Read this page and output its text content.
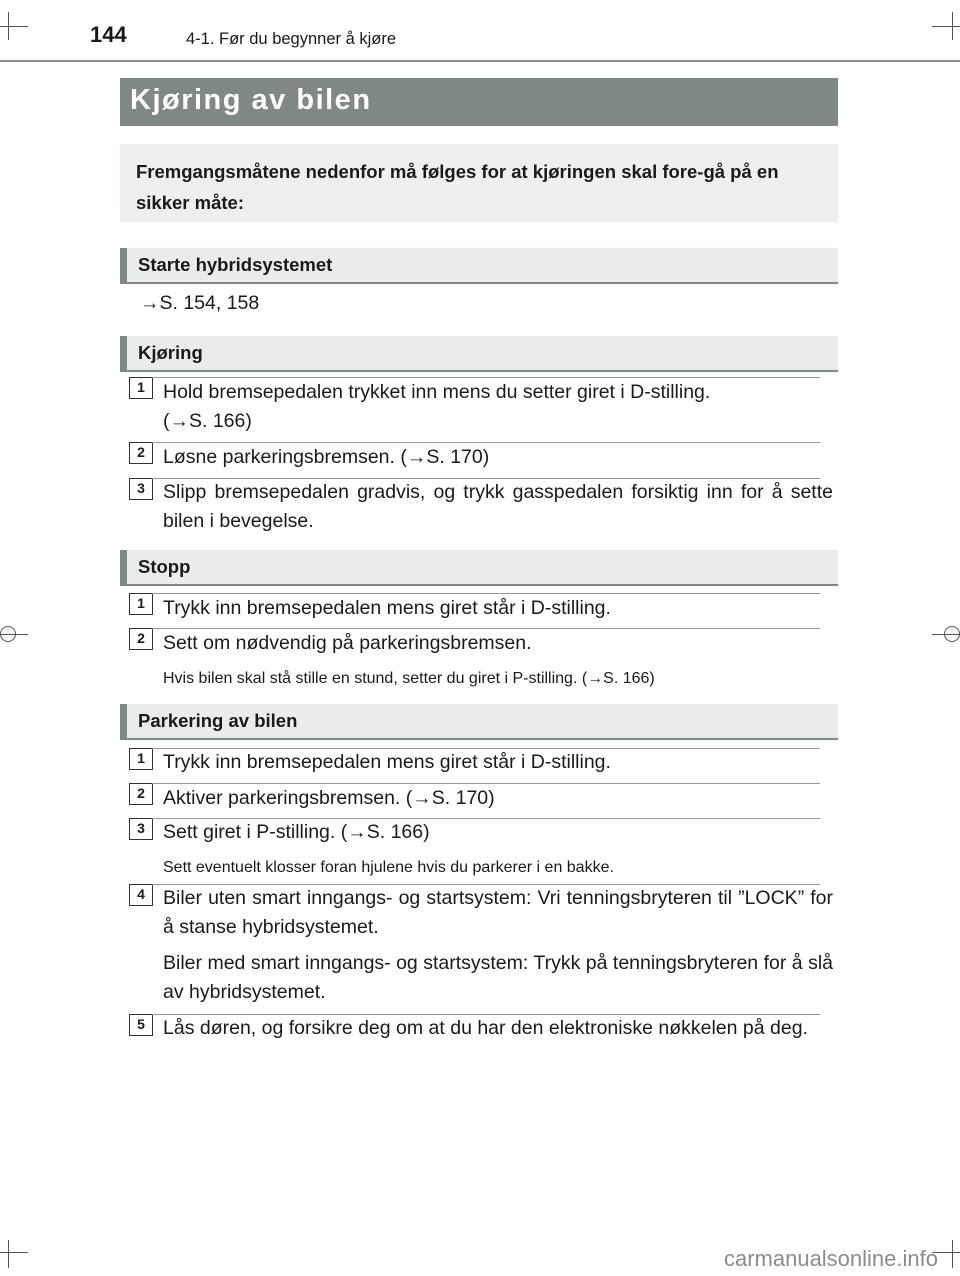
144	4-1. Før du begynner å kjøre
Kjøring av bilen

Fremgangsmåtene nedenfor må følges for at kjøringen skal fore-gå på en sikker måte:

Starte hybridsystemet
→S. 154, 158
Kjøring
1 Hold bremsepedalen trykket inn mens du setter giret i D-stilling.
(→S. 166)
2 Løsne parkeringsbremsen. (→S. 170)
3 Slipp bremsepedalen gradvis, og trykk gasspedalen forsiktig inn for å sette bilen i bevegelse.
Stopp
1 Trykk inn bremsepedalen mens giret står i D-stilling.
2 Sett om nødvendig på parkeringsbremsen.
Hvis bilen skal stå stille en stund, setter du giret i P-stilling. (→S. 166)
Parkering av bilen
1 Trykk inn bremsepedalen mens giret står i D-stilling.
2 Aktiver parkeringsbremsen. (→S. 170)
3 Sett giret i P-stilling. (→S. 166)
Sett eventuelt klosser foran hjulene hvis du parkerer i en bakke.
4 Biler uten smart inngangs- og startsystem: Vri tenningsbryteren til ”LOCK” for å stanse hybridsystemet.
Biler med smart inngangs- og startsystem: Trykk på tenningsbryteren for å slå av hybridsystemet.
5 Lås døren, og forsikre deg om at du har den elektroniske nøkkelen på deg.
carmanualsonline.info
